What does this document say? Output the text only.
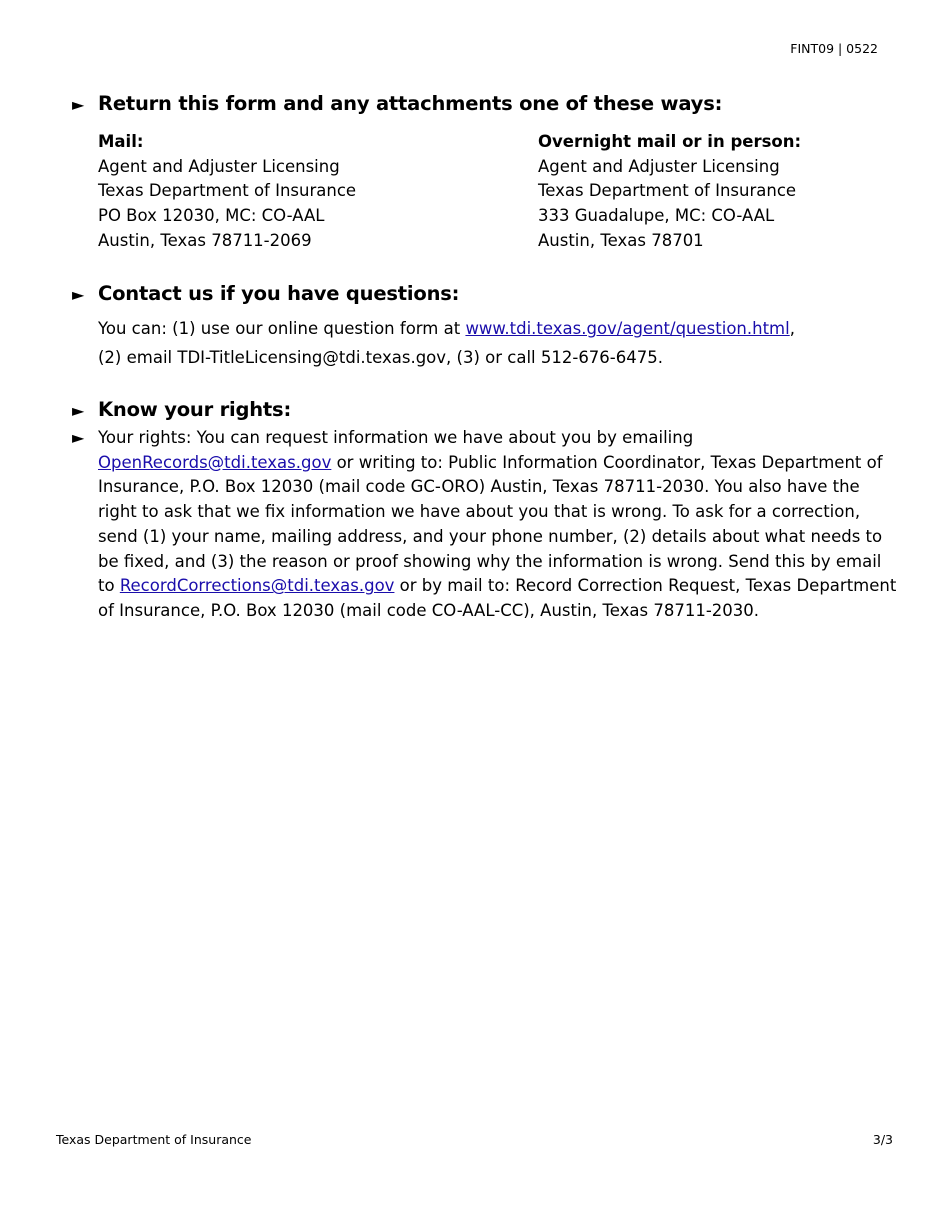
FINT09 | 0522
► Return this form and any attachments one of these ways:
Mail:
Agent and Adjuster Licensing
Texas Department of Insurance
PO Box 12030, MC: CO-AAL
Austin, Texas 78711-2069
Overnight mail or in person:
Agent and Adjuster Licensing
Texas Department of Insurance
333 Guadalupe, MC: CO-AAL
Austin, Texas 78701
► Contact us if you have questions:
You can: (1) use our online question form at www.tdi.texas.gov/agent/question.html,
(2) email TDI-TitleLicensing@tdi.texas.gov, (3) or call 512-676-6475.
► Know your rights:
► Your rights: You can request information we have about you by emailing OpenRecords@tdi.texas.gov or writing to: Public Information Coordinator, Texas Department of Insurance, P.O. Box 12030 (mail code GC-ORO) Austin, Texas 78711-2030. You also have the right to ask that we fix information we have about you that is wrong. To ask for a correction, send (1) your name, mailing address, and your phone number, (2) details about what needs to be fixed, and (3) the reason or proof showing why the information is wrong. Send this by email to RecordCorrections@tdi.texas.gov or by mail to: Record Correction Request, Texas Department of Insurance, P.O. Box 12030 (mail code CO-AAL-CC), Austin, Texas 78711-2030.
Texas Department of Insurance	3/3
